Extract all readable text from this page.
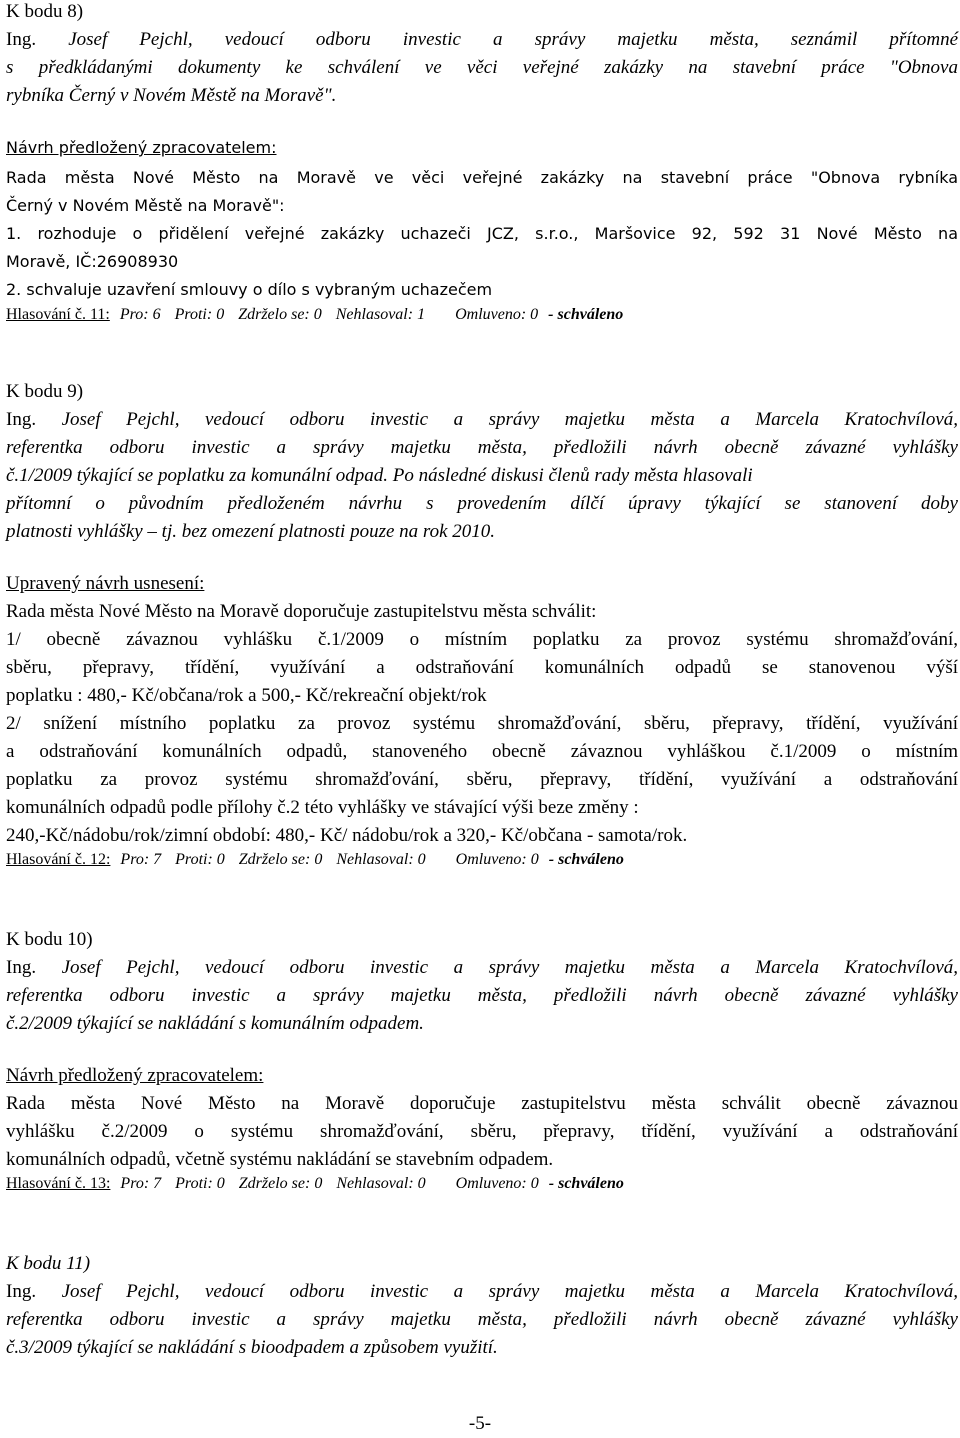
K bodu 8)
Ing. Josef Pejchl, vedoucí odboru investic a správy majetku města, seznámil přítomné
s předkládanými dokumenty ke schválení ve věci veřejné zakázky na stavební práce "Obnova
rybníka Černý v Novém Městě na Moravě".
Návrh předložený zpracovatelem:
Rada města Nové Město na Moravě ve věci veřejné zakázky na stavební práce "Obnova rybníka
Černý v Novém Městě na Moravě":
1. rozhoduje o přidělení veřejné zakázky uchazeči JCZ, s.r.o., Maršovice 92, 592 31 Nové Město na
Moravě, IČ:26908930
2. schvaluje uzavření smlouvy o dílo s vybraným uchazečem
K bodu 9)
Ing. Josef Pejchl, vedoucí odboru investic a správy majetku města a Marcela Kratochvílová,
referentka odboru investic a správy majetku města, předložili návrh obecně závazné vyhlášky
č.1/2009 týkající se poplatku za komunální odpad. Po následné diskusi členů rady města hlasovali
přítomní o původním předloženém návrhu s provedením dílčí úpravy týkající se stanovení doby
platnosti vyhlášky – tj. bez omezení platnosti pouze na rok 2010.
Upravený návrh usnesení:
Rada města Nové Město na Moravě doporučuje zastupitelstvu města schválit:
1/ obecně závaznou vyhlášku č.1/2009 o místním poplatku za provoz systému shromažďování,
sběru, přepravy, třídění, využívání a odstraňování komunálních odpadů se stanovenou výší
poplatku : 480,- Kč/občana/rok a 500,- Kč/rekreační objekt/rok
2/ snížení místního poplatku za provoz systému shromažďování, sběru, přepravy, třídění, využívání
a odstraňování komunálních odpadů, stanoveného obecně závaznou vyhláškou č.1/2009 o místním
poplatku za provoz systému shromažďování, sběru, přepravy, třídění, využívání a odstraňování
komunálních odpadů podle přílohy č.2 této vyhlášky ve stávající výši beze změny :
240,-Kč/nádobu/rok/zimní období: 480,- Kč/ nádobu/rok a 320,- Kč/občana - samota/rok.
K bodu 10)
Ing. Josef Pejchl, vedoucí odboru investic a správy majetku města a Marcela Kratochvílová,
referentka odboru investic a správy majetku města, předložili návrh obecně závazné vyhlášky
č.2/2009 týkající se nakládání s komunálním odpadem.
Návrh předložený zpracovatelem:
Rada města Nové Město na Moravě doporučuje zastupitelstvu města schválit obecně závaznou
vyhlášku č.2/2009 o systému shromažďování, sběru, přepravy, třídění, využívání a odstraňování
komunálních odpadů, včetně systému nakládání se stavebním odpadem.
K bodu 11)
Ing. Josef Pejchl, vedoucí odboru investic a správy majetku města a Marcela Kratochvílová,
referentka odboru investic a správy majetku města, předložili návrh obecně závazné vyhlášky
č.3/2009 týkající se nakládání s bioodpadem a způsobem využití.
Hlasování č. 11: Pro: 6 Proti: 0 Zdrželo se: 0 Nehlasoval: 1 Omluveno: 0 - schváleno
Hlasování č. 12: Pro: 7 Proti: 0 Zdrželo se: 0 Nehlasoval: 0 Omluveno: 0 - schváleno
Hlasování č. 13: Pro: 7 Proti: 0 Zdrželo se: 0 Nehlasoval: 0 Omluveno: 0 - schváleno
-5-
